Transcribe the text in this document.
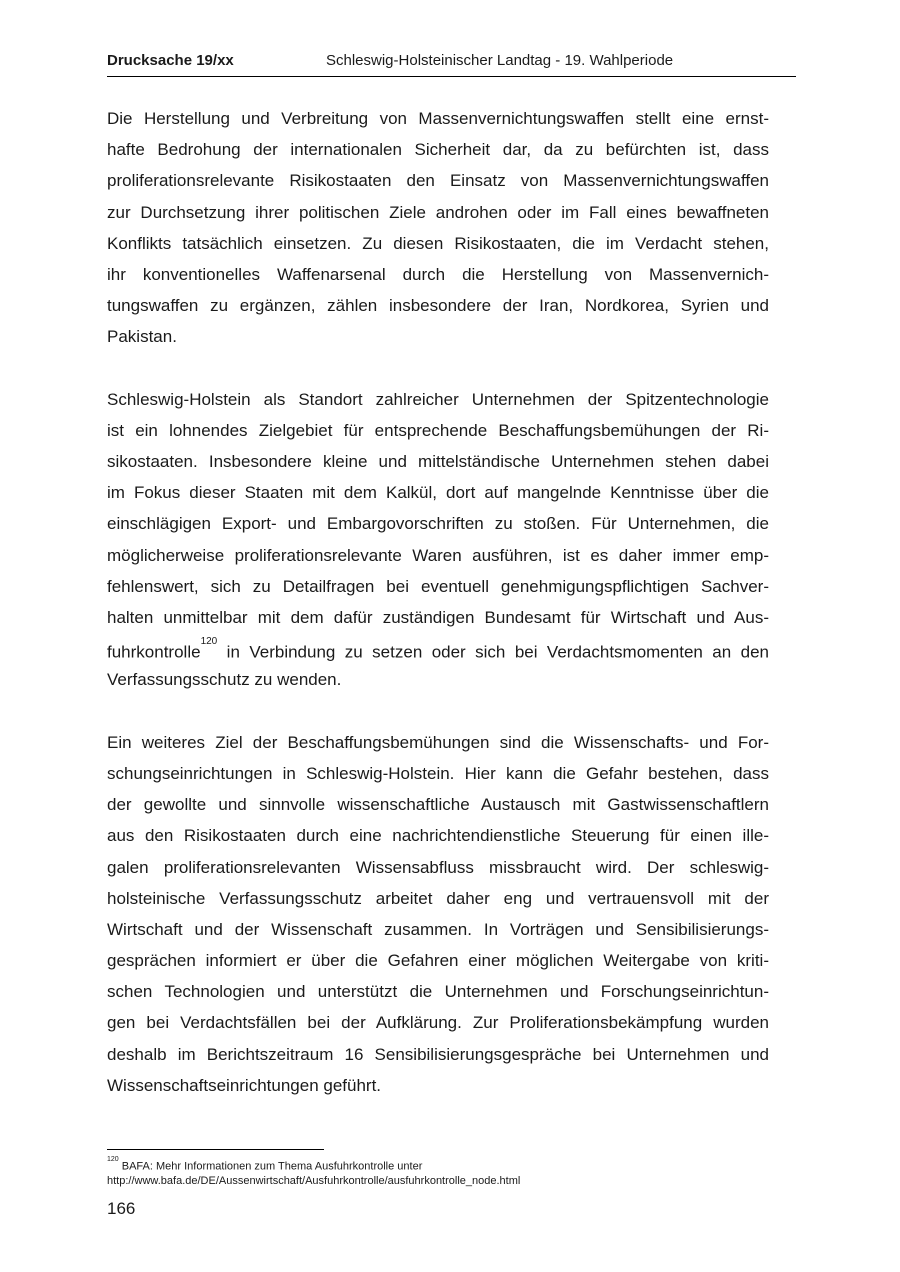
Drucksache 19/xx	Schleswig-Holsteinischer Landtag - 19. Wahlperiode
Die Herstellung und Verbreitung von Massenvernichtungswaffen stellt eine ernst-
hafte Bedrohung der internationalen Sicherheit dar, da zu befürchten ist, dass
proliferationsrelevante Risikostaaten den Einsatz von Massenvernichtungswaffen
zur Durchsetzung ihrer politischen Ziele androhen oder im Fall eines bewaffneten
Konflikts tatsächlich einsetzen. Zu diesen Risikostaaten, die im Verdacht stehen,
ihr konventionelles Waffenarsenal durch die Herstellung von Massenvernich-
tungswaffen zu ergänzen, zählen insbesondere der Iran, Nordkorea, Syrien und
Pakistan.
Schleswig-Holstein als Standort zahlreicher Unternehmen der Spitzentechnologie
ist ein lohnendes Zielgebiet für entsprechende Beschaffungsbemühungen der Ri-
sikostaaten. Insbesondere kleine und mittelständische Unternehmen stehen dabei
im Fokus dieser Staaten mit dem Kalkül, dort auf mangelnde Kenntnisse über die
einschlägigen Export- und Embargovorschriften zu stoßen. Für Unternehmen, die
möglicherweise proliferationsrelevante Waren ausführen, ist es daher immer emp-
fehlenswert, sich zu Detailfragen bei eventuell genehmigungspflichtigen Sachver-
halten unmittelbar mit dem dafür zuständigen Bundesamt für Wirtschaft und Aus-
fuhrkontrolle$^{120}$ in Verbindung zu setzen oder sich bei Verdachtsmomenten an den
Verfassungsschutz zu wenden.
Ein weiteres Ziel der Beschaffungsbemühungen sind die Wissenschafts- und For-
schungseinrichtungen in Schleswig-Holstein. Hier kann die Gefahr bestehen, dass
der gewollte und sinnvolle wissenschaftliche Austausch mit Gastwissenschaftlern
aus den Risikostaaten durch eine nachrichtendienstliche Steuerung für einen ille-
galen proliferationsrelevanten Wissensabfluss missbraucht wird. Der schleswig-
holsteinische Verfassungsschutz arbeitet daher eng und vertrauensvoll mit der
Wirtschaft und der Wissenschaft zusammen. In Vorträgen und Sensibilisierungs-
gesprächen informiert er über die Gefahren einer möglichen Weitergabe von kriti-
schen Technologien und unterstützt die Unternehmen und Forschungseinrichtun-
gen bei Verdachtsfällen bei der Aufklärung. Zur Proliferationsbekämpfung wurden
deshalb im Berichtszeitraum 16 Sensibilisierungsgespräche bei Unternehmen und
Wissenschaftseinrichtungen geführt.
$^{120}$ BAFA: Mehr Informationen zum Thema Ausfuhrkontrolle unter
http://www.bafa.de/DE/Aussenwirtschaft/Ausfuhrkontrolle/ausfuhrkontrolle_node.html
166
